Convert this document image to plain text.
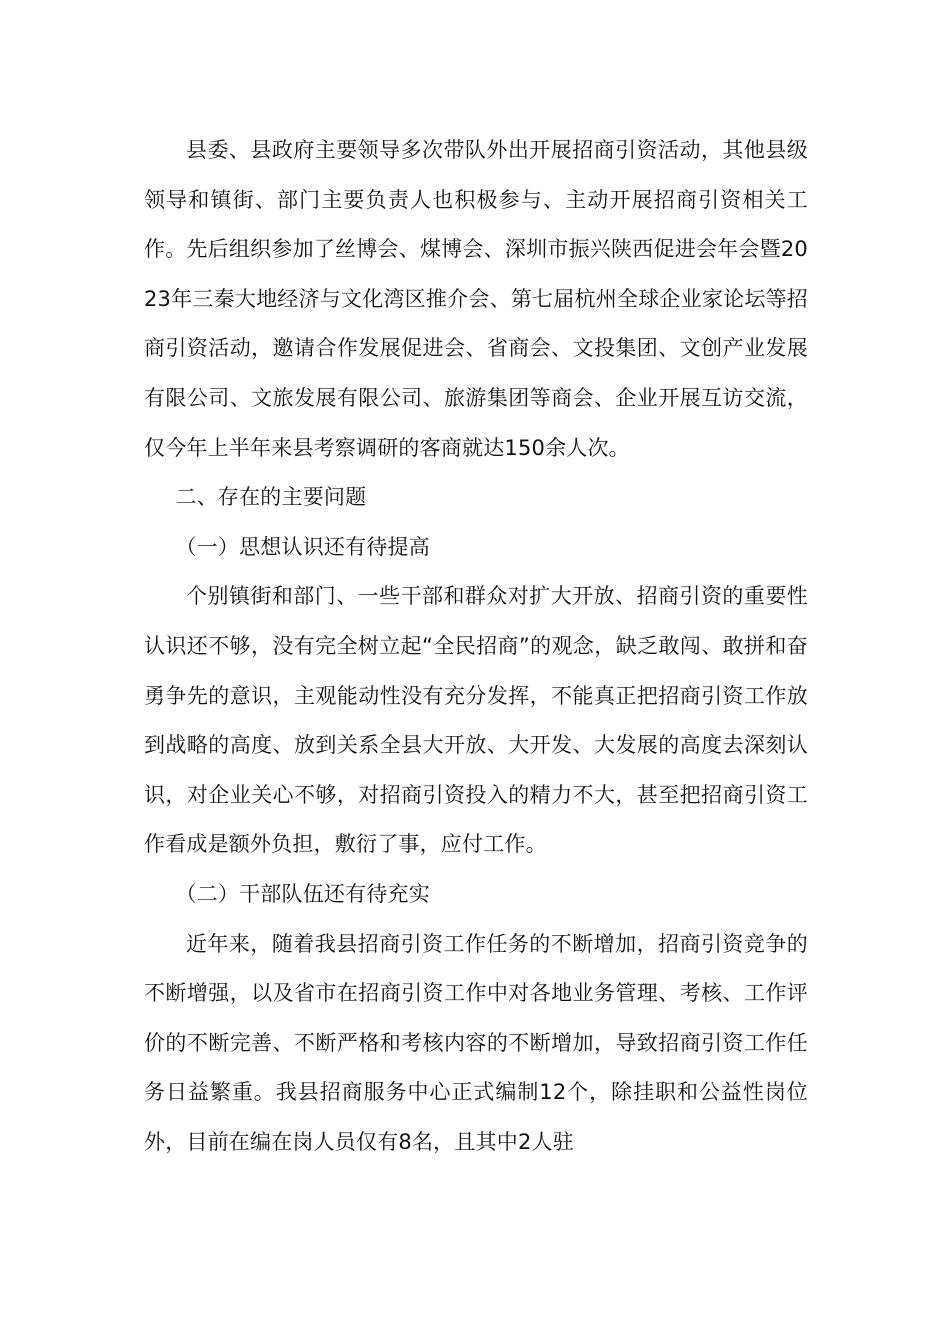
县委、县政府主要领导多次带队外出开展招商引资活动，其他县级领导和镇街、部门主要负责人也积极参与、主动开展招商引资相关工作。先后组织参加了丝博会、煤博会、深圳市振兴陕西促进会年会暨2023年三秦大地经济与文化湾区推介会、第七届杭州全球企业家论坛等招商引资活动，邀请合作发展促进会、省商会、文投集团、文创产业发展有限公司、文旅发展有限公司、旅游集团等商会、企业开展互访交流，仅今年上半年来县考察调研的客商就达150余人次。

二、存在的主要问题

（一）思想认识还有待提高

个别镇街和部门、一些干部和群众对扩大开放、招商引资的重要性认识还不够，没有完全树立起“全民招商”的观念，缺乏敢闯、敢拼和奋勇争先的意识，主观能动性没有充分发挥，不能真正把招商引资工作放到战略的高度、放到关系全县大开放、大开发、大发展的高度去深刻认识，对企业关心不够，对招商引资投入的精力不大，甚至把招商引资工作看成是额外负担，敷衍了事，应付工作。

（二）干部队伍还有待充实

近年来，随着我县招商引资工作任务的不断增加，招商引资竞争的不断增强，以及省市在招商引资工作中对各地业务管理、考核、工作评价的不断完善、不断严格和考核内容的不断增加，导致招商引资工作任务日益繁重。我县招商服务中心正式编制12个，除挂职和公益性岗位外，目前在编在岗人员仅有8名，且其中2人驻
